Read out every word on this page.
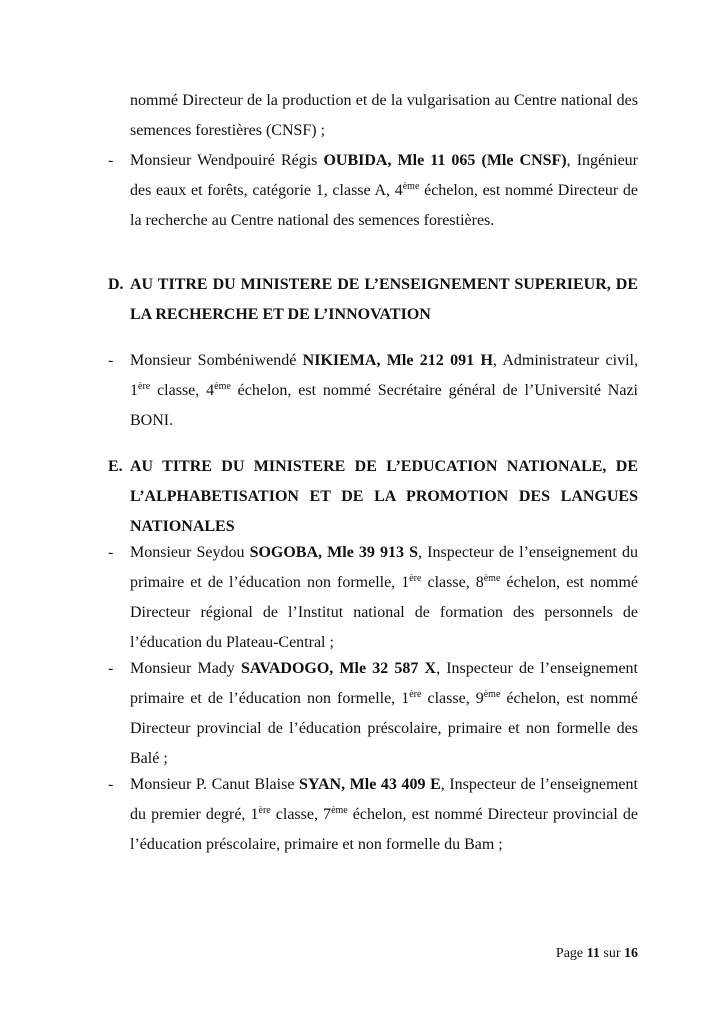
nommé Directeur de la production et de la vulgarisation au Centre national des semences forestières (CNSF) ;
-	Monsieur Wendpouiré Régis OUBIDA, Mle 11 065 (Mle CNSF), Ingénieur des eaux et forêts, catégorie 1, classe A, 4ème échelon, est nommé Directeur de la recherche au Centre national des semences forestières.
D. AU TITRE DU MINISTERE DE L’ENSEIGNEMENT SUPERIEUR, DE LA RECHERCHE ET DE L’INNOVATION
-	Monsieur Sombéniwendé NIKIEMA, Mle 212 091 H, Administrateur civil, 1ère classe, 4ème échelon, est nommé Secrétaire général de l’Université Nazi BONI.
E. AU TITRE DU MINISTERE DE L’EDUCATION NATIONALE, DE L’ALPHABETISATION ET DE LA PROMOTION DES LANGUES NATIONALES
-	Monsieur Seydou SOGOBA, Mle 39 913 S, Inspecteur de l’enseignement du primaire et de l’éducation non formelle, 1ère classe, 8ème échelon, est nommé Directeur régional de l’Institut national de formation des personnels de l’éducation du Plateau-Central ;
-	Monsieur Mady SAVADOGO, Mle 32 587 X, Inspecteur de l’enseignement primaire et de l’éducation non formelle, 1ère classe, 9ème échelon, est nommé Directeur provincial de l’éducation préscolaire, primaire et non formelle des Balé ;
-	Monsieur P. Canut Blaise SYAN, Mle 43 409 E, Inspecteur de l’enseignement du premier degré, 1ère classe, 7ème échelon, est nommé Directeur provincial de l’éducation préscolaire, primaire et non formelle du Bam ;
Page 11 sur 16
